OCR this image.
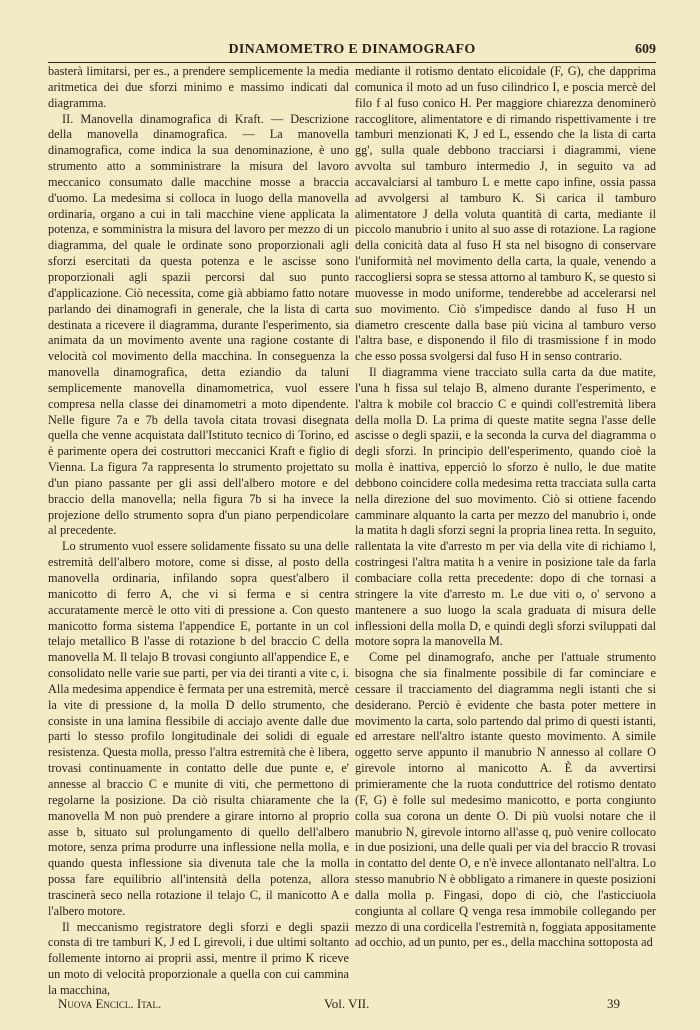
DINAMOMETRO E DINAMOGRAFO	609

basterà limitarsi, per es., a prendere semplicemente la media aritmetica dei due sforzi minimo e massimo indicati dal diagramma.

II. Manovella dinamografica di Kraft. — Descrizione della manovella dinamografica. — La manovella dinamografica, come indica la sua denominazione, è uno strumento atto a somministrare la misura del lavoro meccanico consumato dalle macchine mosse a braccia d'uomo. La medesima si colloca in luogo della manovella ordinaria, organo a cui in tali macchine viene applicata la potenza, e somministra la misura del lavoro per mezzo di un diagramma, del quale le ordinate sono proporzionali agli sforzi esercitati da questa potenza e le ascisse sono proporzionali agli spazii percorsi dal suo punto d'applicazione. Ciò necessita, come già abbiamo fatto notare parlando dei dinamografi in generale, che la lista di carta destinata a ricevere il diagramma, durante l'esperimento, sia animata da un movimento avente una ragione costante di velocità col movimento della macchina. In conseguenza la manovella dinamografica, detta eziandio da taluni semplicemente manovella dinamometrica, vuol essere compresa nella classe dei dinamometri a moto dipendente. Nelle figure 7a e 7b della tavola citata trovasi disegnata quella che venne acquistata dall'Istituto tecnico di Torino, ed è parimente opera dei costruttori meccanici Kraft e figlio di Vienna. La figura 7a rappresenta lo strumento projettato su d'un piano passante per gli assi dell'albero motore e del braccio della manovella; nella figura 7b si ha invece la projezione dello strumento sopra d'un piano perpendicolare al precedente.

Lo strumento vuol essere solidamente fissato su una delle estremità dell'albero motore, come si disse, al posto della manovella ordinaria, infilando sopra quest'albero il manicotto di ferro A, che vi si ferma e si centra accuratamente mercè le otto viti di pressione a. Con questo manicotto forma sistema l'appendice E, portante in un col telajo metallico B l'asse di rotazione b del braccio C della manovella M. Il telajo B trovasi congiunto all'appendice E, e consolidato nelle varie sue parti, per via dei tiranti a vite c, i. Alla medesima appendice è fermata per una estremità, mercè la vite di pressione d, la molla D dello strumento, che consiste in una lamina flessibile di acciajo avente dalle due parti lo stesso profilo longitudinale dei solidi di eguale resistenza. Questa molla, presso l'altra estremità che è libera, trovasi continuamente in contatto delle due punte e, e' annesse al braccio C e munite di viti, che permettono di regolarne la posizione. Da ciò risulta chiaramente che la manovella M non può prendere a girare intorno al proprio asse b, situato sul prolungamento di quello dell'albero motore, senza prima produrre una inflessione nella molla, e quando questa inflessione sia divenuta tale che la molla possa fare equilibrio all'intensità della potenza, allora trascinerà seco nella rotazione il telajo C, il manicotto A e l'albero motore.

Il meccanismo registratore degli sforzi e degli spazii consta di tre tamburi K, J ed L girevoli, i due ultimi soltanto follemente intorno ai proprii assi, mentre il primo K riceve un moto di velocità proporzionale a quella con cui cammina la macchina,

mediante il rotismo dentato elicoidale (F, G), che dapprima comunica il moto ad un fuso cilindrico I, e poscia mercè del filo f al fuso conico H. Per maggiore chiarezza denominerò raccoglitore, alimentatore e di rimando rispettivamente i tre tamburi menzionati K, J ed L, essendo che la lista di carta gg', sulla quale debbono tracciarsi i diagrammi, viene avvolta sul tamburo intermedio J, in seguito va ad accavalciarsi al tamburo L e mette capo infine, ossia passa ad avvolgersi al tamburo K. Si carica il tamburo alimentatore J della voluta quantità di carta, mediante il piccolo manubrio i unito al suo asse di rotazione. La ragione della conicità data al fuso H sta nel bisogno di conservare l'uniformità nel movimento della carta, la quale, venendo a raccogliersi sopra se stessa attorno al tamburo K, se questo si muovesse in modo uniforme, tenderebbe ad accelerarsi nel suo movimento. Ciò s'impedisce dando al fuso H un diametro crescente dalla base più vicina al tamburo verso l'altra base, e disponendo il filo di trasmissione f in modo che esso possa svolgersi dal fuso H in senso contrario.

Il diagramma viene tracciato sulla carta da due matite, l'una h fissa sul telajo B, almeno durante l'esperimento, e l'altra k mobile col braccio C e quindi coll'estremità libera della molla D. La prima di queste matite segna l'asse delle ascisse o degli spazii, e la seconda la curva del diagramma o degli sforzi. In principio dell'esperimento, quando cioè la molla è inattiva, epperciò lo sforzo è nullo, le due matite debbono coincidere colla medesima retta tracciata sulla carta nella direzione del suo movimento. Ciò si ottiene facendo camminare alquanto la carta per mezzo del manubrio i, onde la matita h dagli sforzi segni la propria linea retta. In seguito, rallentata la vite d'arresto m per via della vite di richiamo l, costringesi l'altra matita h a venire in posizione tale da farla combaciare colla retta precedente: dopo di che tornasi a stringere la vite d'arresto m. Le due viti o, o' servono a mantenere a suo luogo la scala graduata di misura delle inflessioni della molla D, e quindi degli sforzi sviluppati dal motore sopra la manovella M.

Come pel dinamografo, anche per l'attuale strumento bisogna che sia finalmente possibile di far cominciare e cessare il tracciamento del diagramma negli istanti che si desiderano. Perciò è evidente che basta poter mettere in movimento la carta, solo partendo dal primo di questi istanti, ed arrestare nell'altro istante questo movimento. A simile oggetto serve appunto il manubrio N annesso al collare O girevole intorno al manicotto A. È da avvertirsi primieramente che la ruota conduttrice del rotismo dentato (F, G) è folle sul medesimo manicotto, e porta congiunto colla sua corona un dente O. Di più vuolsi notare che il manubrio N, girevole intorno all'asse q, può venire collocato in due posizioni, una delle quali per via del braccio R trovasi in contatto del dente O, e n'è invece allontanato nell'altra. Lo stesso manubrio N è obbligato a rimanere in queste posizioni dalla molla p. Fingasi, dopo di ciò, che l'asticciuola congiunta al collare Q venga resa immobile collegando per mezzo di una cordicella l'estremità n, foggiata appositamente ad occhio, ad un punto, per es., della macchina sottoposta ad

Nuova Encicl. Ital.	Vol. VII.	39
